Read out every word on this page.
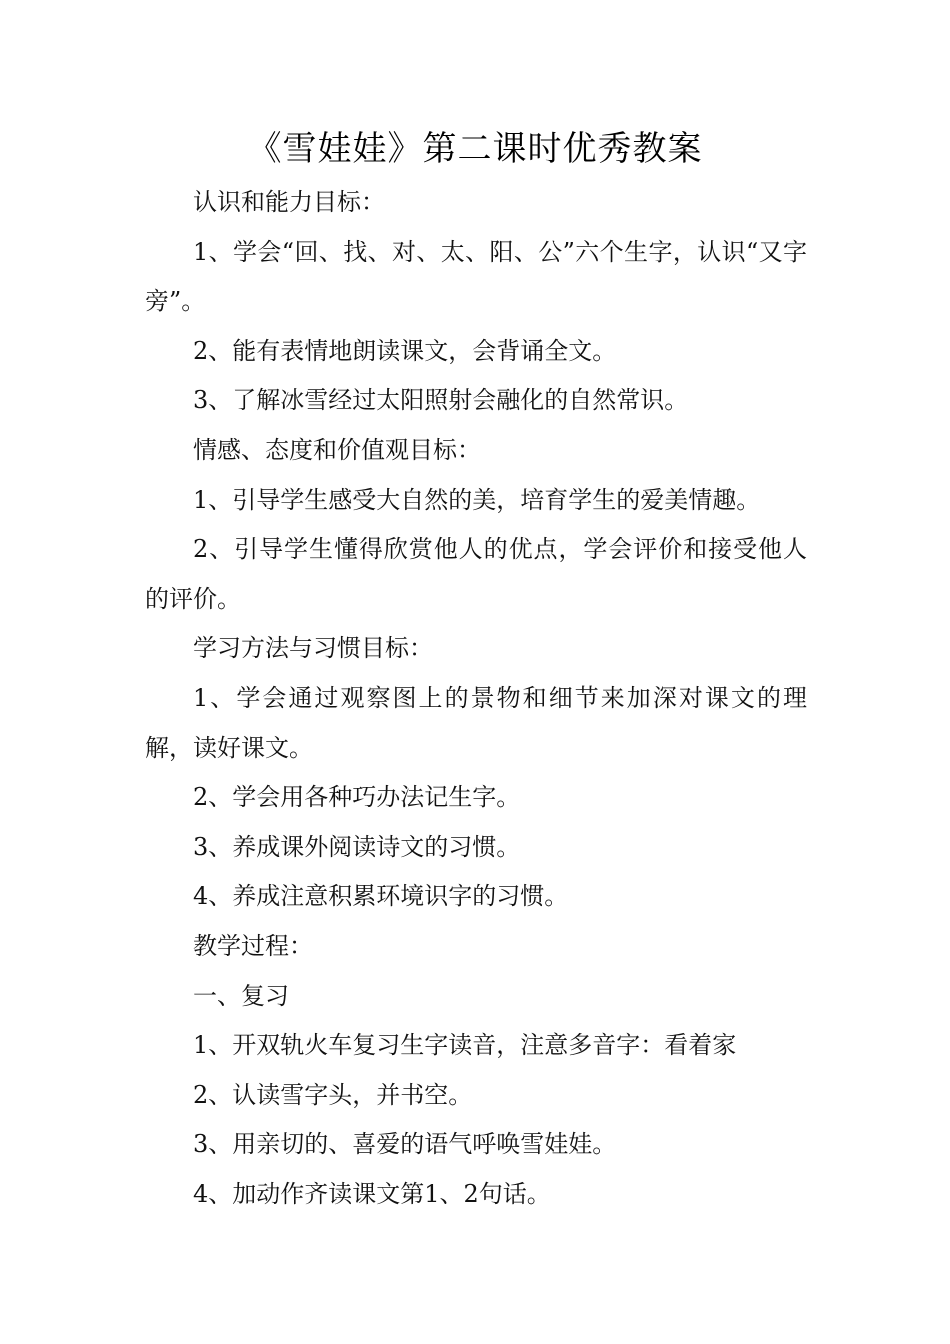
《雪娃娃》第二课时优秀教案

认识和能力目标：

1、学会“回、找、对、太、阳、公”六个生字，认识“又字旁”。

2、能有表情地朗读课文，会背诵全文。

3、了解冰雪经过太阳照射会融化的自然常识。

情感、态度和价值观目标：

1、引导学生感受大自然的美，培育学生的爱美情趣。

2、引导学生懂得欣赏他人的优点，学会评价和接受他人的评价。

学习方法与习惯目标：

1、学会通过观察图上的景物和细节来加深对课文的理解，读好课文。

2、学会用各种巧办法记生字。

3、养成课外阅读诗文的习惯。

4、养成注意积累环境识字的习惯。

教学过程：

一、复习

1、开双轨火车复习生字读音，注意多音字：看着家

2、认读雪字头，并书空。

3、用亲切的、喜爱的语气呼唤雪娃娃。

4、加动作齐读课文第1、2句话。
